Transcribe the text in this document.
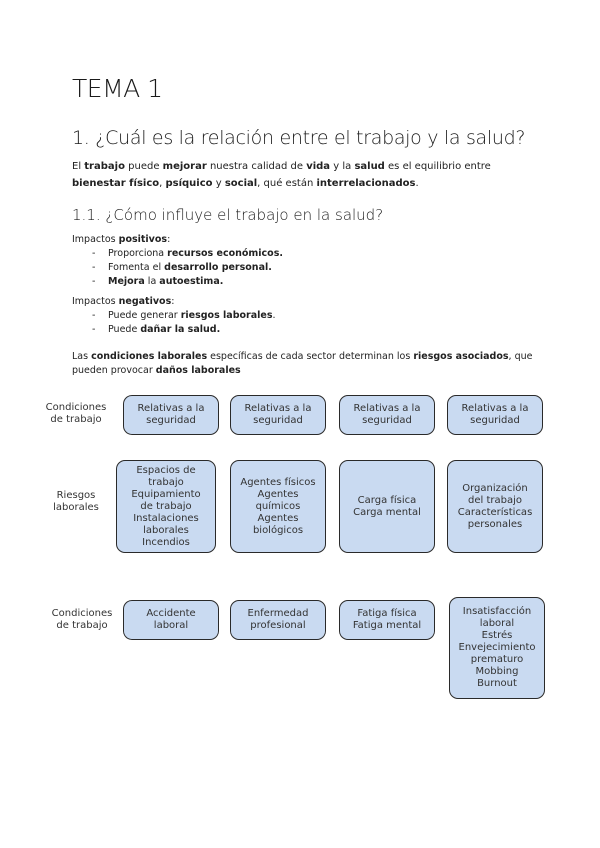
TEMA 1
1. ¿Cuál es la relación entre el trabajo y la salud?
El trabajo puede mejorar nuestra calidad de vida y la salud es el equilibrio entre bienestar físico, psíquico y social, qué están interrelacionados.
1.1. ¿Cómo influye el trabajo en la salud?
Impactos positivos:
- Proporciona recursos económicos.
- Fomenta el desarrollo personal.
- Mejora la autoestima.
Impactos negativos:
- Puede generar riesgos laborales.
- Puede dañar la salud.
Las condiciones laborales específicas de cada sector determinan los riesgos asociados, que pueden provocar daños laborales
Condiciones
de trabajo
Relativas a la
seguridad
Relativas a la
seguridad
Relativas a la
seguridad
Relativas a la
seguridad
Riesgos
laborales
Espacios de
trabajo
Equipamiento
de trabajo
Instalaciones
laborales
Incendios
Agentes físicos
Agentes
químicos
Agentes
biológicos
Carga física
Carga mental
Organización
del trabajo
Características
personales
Condiciones
de trabajo
Accidente
laboral
Enfermedad
profesional
Fatiga física
Fatiga mental
Insatisfacción
laboral
Estrés
Envejecimiento
prematuro
Mobbing
Burnout
